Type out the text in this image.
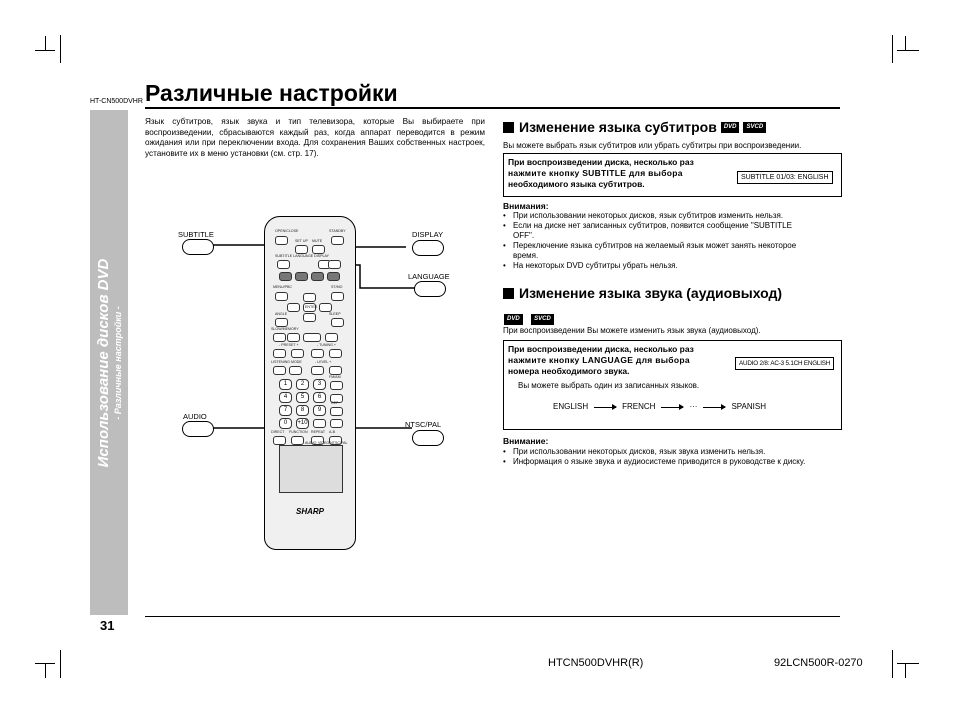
HT-CN500DVHR Различные настройки
Использование дисков DVD - Различные настройки -
31
Язык субтитров, язык звука и тип телевизора, которые Вы выбираете при воспроизведении, сбрасываются каждый раз, когда аппарат переводится в режим ожидания или при переключении входа. Для сохранения Ваших собственных настроек, установите их в меню установки (см. стр. 17).
SUBTITLE	DISPLAY
LANGUAGE
AUDIO
NTSC/PAL
OPEN/CLOSE	STANDBY
SET UP MUTE
SUBTITLE LANGUAGE DISPLAY
MENU/PBC	ST/MO
ENTER
ANGLE	SLEEP
SLOW/MEMORY
- PRESET +	- TUNING +
LISTENING MODE	- LEVEL +
1	2	3
FM/AM
4	5	6
7	8	9
REP
0	+10
DIRECT FUNCTION REPEAT A-B
AUDIO VIDEO NTSC/PAL
SHARP
Изменение языка субтитров	DVD	SVCD
Вы можете выбрать язык субтитров или убрать субтитры при воспроизведении.
При воспроизведении диска, несколько раз
нажмите кнопку SUBTITLE для выбора
необходимого языка субтитров.
SUBTITLE 01/03: ENGLISH
Внимания:
• При использовании некоторых дисков, язык субтитров изменить нельзя.
• Если на диске нет записанных субтитров, появится сообщение "SUBTITLE
OFF".
• Переключение языка субтитров на желаемый язык может занять некоторое
время.
• На некоторых DVD субтитры убрать нельзя.
Изменение языка звука (аудиовыход)
DVD SVCD
При воспроизведении Вы можете изменить язык звука (аудиовыход).
При воспроизведении диска, несколько раз
нажмите кнопку LANGUAGE для выбора
номера необходимого звука.
AUDIO 2/8: AC-3 5.1CH ENGLISH
Вы можете выбрать один из записанных языков.
ENGLISH	FRENCH	···	SPANISH
Внимание:
• При использовании некоторых дисков, язык звука изменить нельзя.
• Информация о языке звука и аудиосистеме приводится в руководстве к диску.
HTCN500DVHR(R)	92LCN500R-0270
